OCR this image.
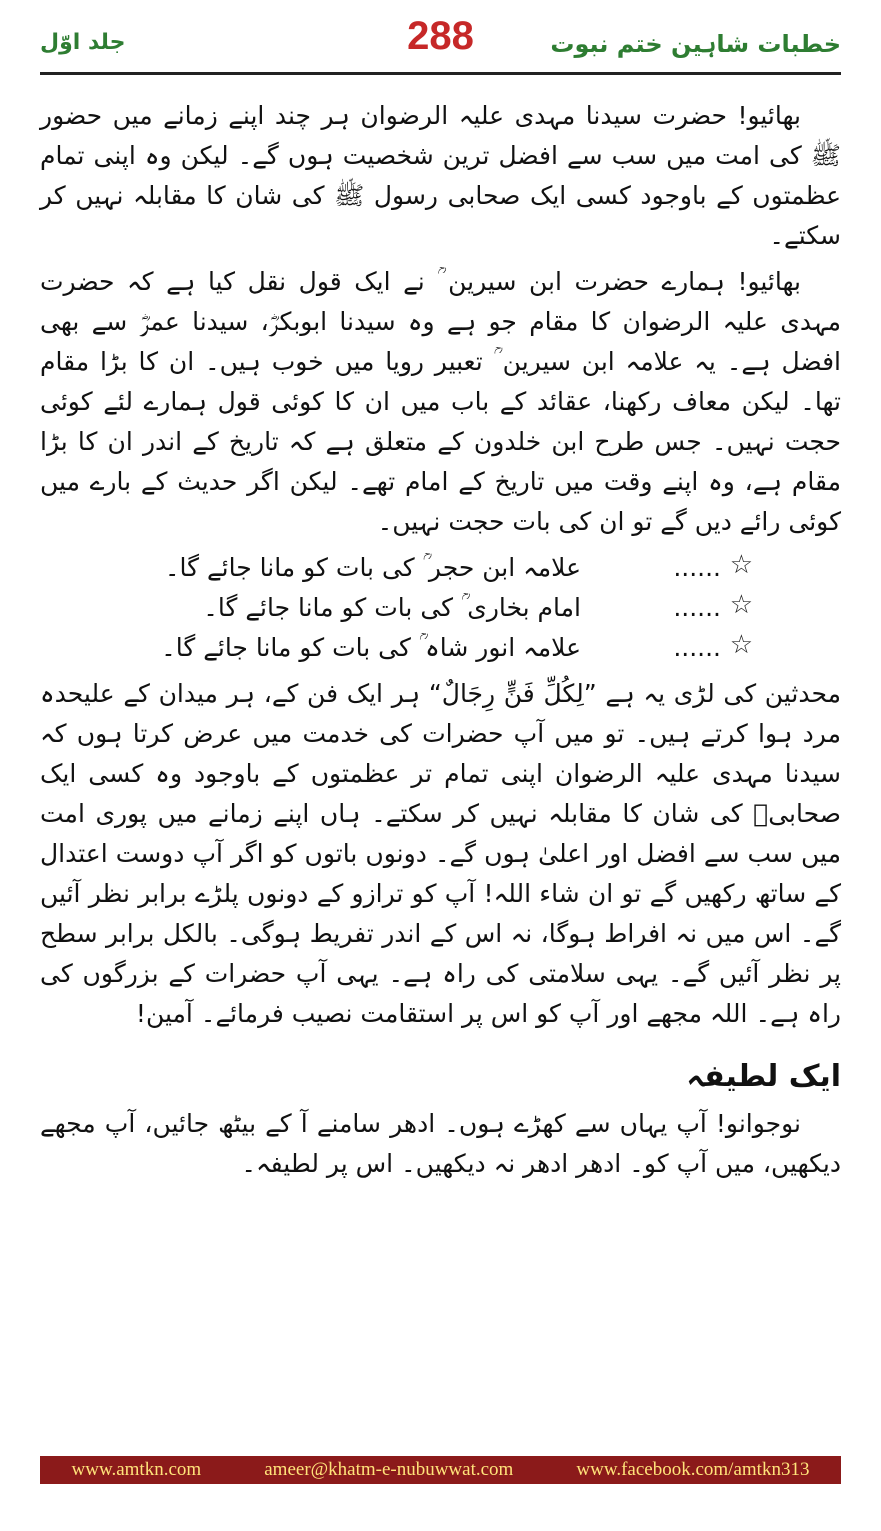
جلد اوّل	288	خطبات شاہین ختم نبوت

بھائیو! حضرت سیدنا مہدی علیہ الرضوان ہر چند اپنے زمانے میں حضور ﷺ کی امت میں سب سے افضل ترین شخصیت ہوں گے۔ لیکن وہ اپنی تمام عظمتوں کے باوجود کسی ایک صحابی رسول ﷺ کی شان کا مقابلہ نہیں کر سکتے۔

بھائیو! ہمارے حضرت ابن سیرین ؒ نے ایک قول نقل کیا ہے کہ حضرت مہدی علیہ الرضوان کا مقام جو ہے وہ سیدنا ابوبکرؓ، سیدنا عمرؓ سے بھی افضل ہے۔ یہ علامہ ابن سیرین ؒ تعبیر رویا میں خوب ہیں۔ ان کا بڑا مقام تھا۔ لیکن معاف رکھنا، عقائد کے باب میں ان کا کوئی قول ہمارے لئے کوئی حجت نہیں۔ جس طرح ابن خلدون کے متعلق ہے کہ تاریخ کے اندر ان کا بڑا مقام ہے، وہ اپنے وقت میں تاریخ کے امام تھے۔ لیکن اگر حدیث کے بارے میں کوئی رائے دیں گے تو ان کی بات حجت نہیں۔

☆
......
علامہ ابن حجر ؒ کی بات کو مانا جائے گا۔
☆
......
امام بخاری ؒ کی بات کو مانا جائے گا۔
☆
......
علامہ انور شاہ ؒ کی بات کو مانا جائے گا۔

محدثین کی لڑی یہ ہے ”لِکُلِّ فَنٍّ رِجَالٌ“ ہر ایک فن کے، ہر میدان کے علیحدہ مرد ہوا کرتے ہیں۔ تو میں آپ حضرات کی خدمت میں عرض کرتا ہوں کہ سیدنا مہدی علیہ الرضوان اپنی تمام تر عظمتوں کے باوجود وہ کسی ایک صحابیؓ کی شان کا مقابلہ نہیں کر سکتے۔ ہاں اپنے زمانے میں پوری امت میں سب سے افضل اور اعلیٰ ہوں گے۔ دونوں باتوں کو اگر آپ دوست اعتدال کے ساتھ رکھیں گے تو ان شاء اللہ! آپ کو ترازو کے دونوں پلڑے برابر نظر آئیں گے۔ اس میں نہ افراط ہوگا، نہ اس کے اندر تفریط ہوگی۔ بالکل برابر سطح پر نظر آئیں گے۔ یہی سلامتی کی راہ ہے۔ یہی آپ حضرات کے بزرگوں کی راہ ہے۔ اللہ مجھے اور آپ کو اس پر استقامت نصیب فرمائے۔ آمین!

ایک لطیفہ

نوجوانو! آپ یہاں سے کھڑے ہوں۔ ادھر سامنے آ کے بیٹھ جائیں، آپ مجھے دیکھیں، میں آپ کو۔ ادھر ادھر نہ دیکھیں۔ اس پر لطیفہ۔

www.amtkn.com	ameer@khatm-e-nubuwwat.com	www.facebook.com/amtkn313
